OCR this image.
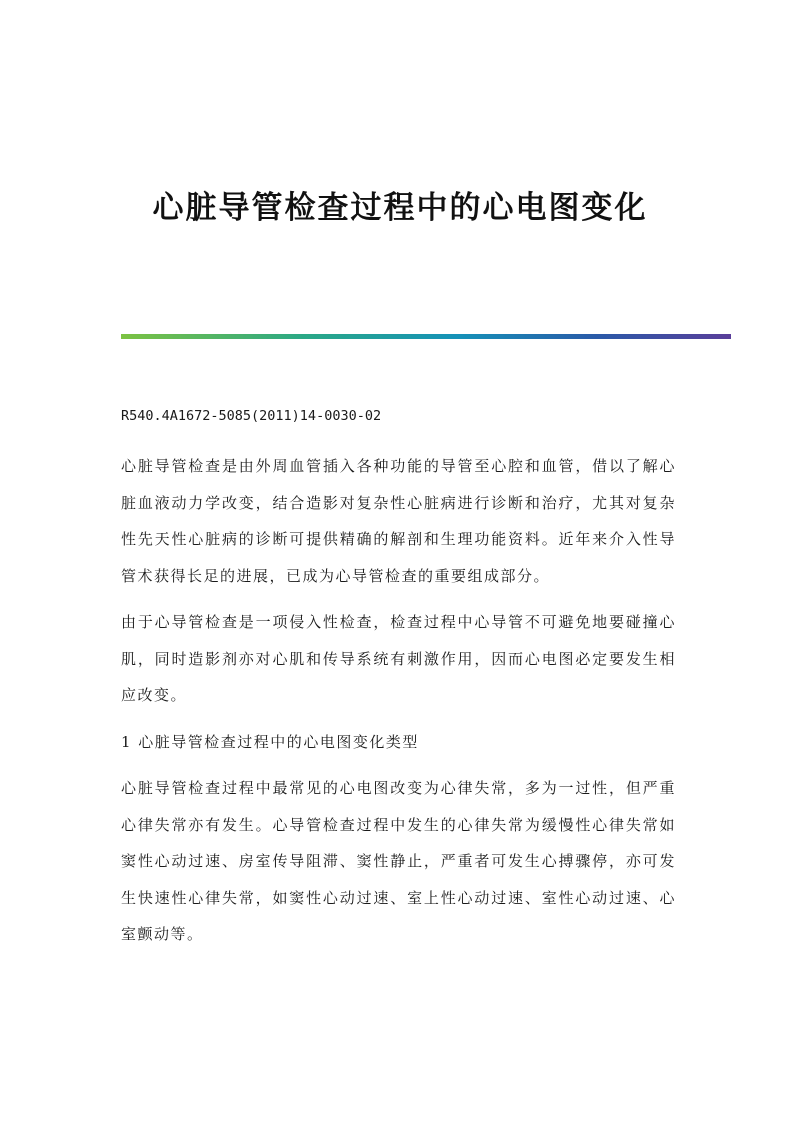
心脏导管检查过程中的心电图变化

R540.4A1672-5085(2011)14-0030-02

心脏导管检查是由外周血管插入各种功能的导管至心腔和血管，借以了解心脏血液动力学改变，结合造影对复杂性心脏病进行诊断和治疗，尤其对复杂性先天性心脏病的诊断可提供精确的解剖和生理功能资料。近年来介入性导管术获得长足的进展，已成为心导管检查的重要组成部分。

由于心导管检查是一项侵入性检查，检查过程中心导管不可避免地要碰撞心肌，同时造影剂亦对心肌和传导系统有刺激作用，因而心电图必定要发生相应改变。

1 心脏导管检查过程中的心电图变化类型

心脏导管检查过程中最常见的心电图改变为心律失常，多为一过性，但严重心律失常亦有发生。心导管检查过程中发生的心律失常为缓慢性心律失常如窦性心动过速、房室传导阻滞、窦性静止，严重者可发生心搏骤停，亦可发生快速性心律失常，如窦性心动过速、室上性心动过速、室性心动过速、心室颤动等。
